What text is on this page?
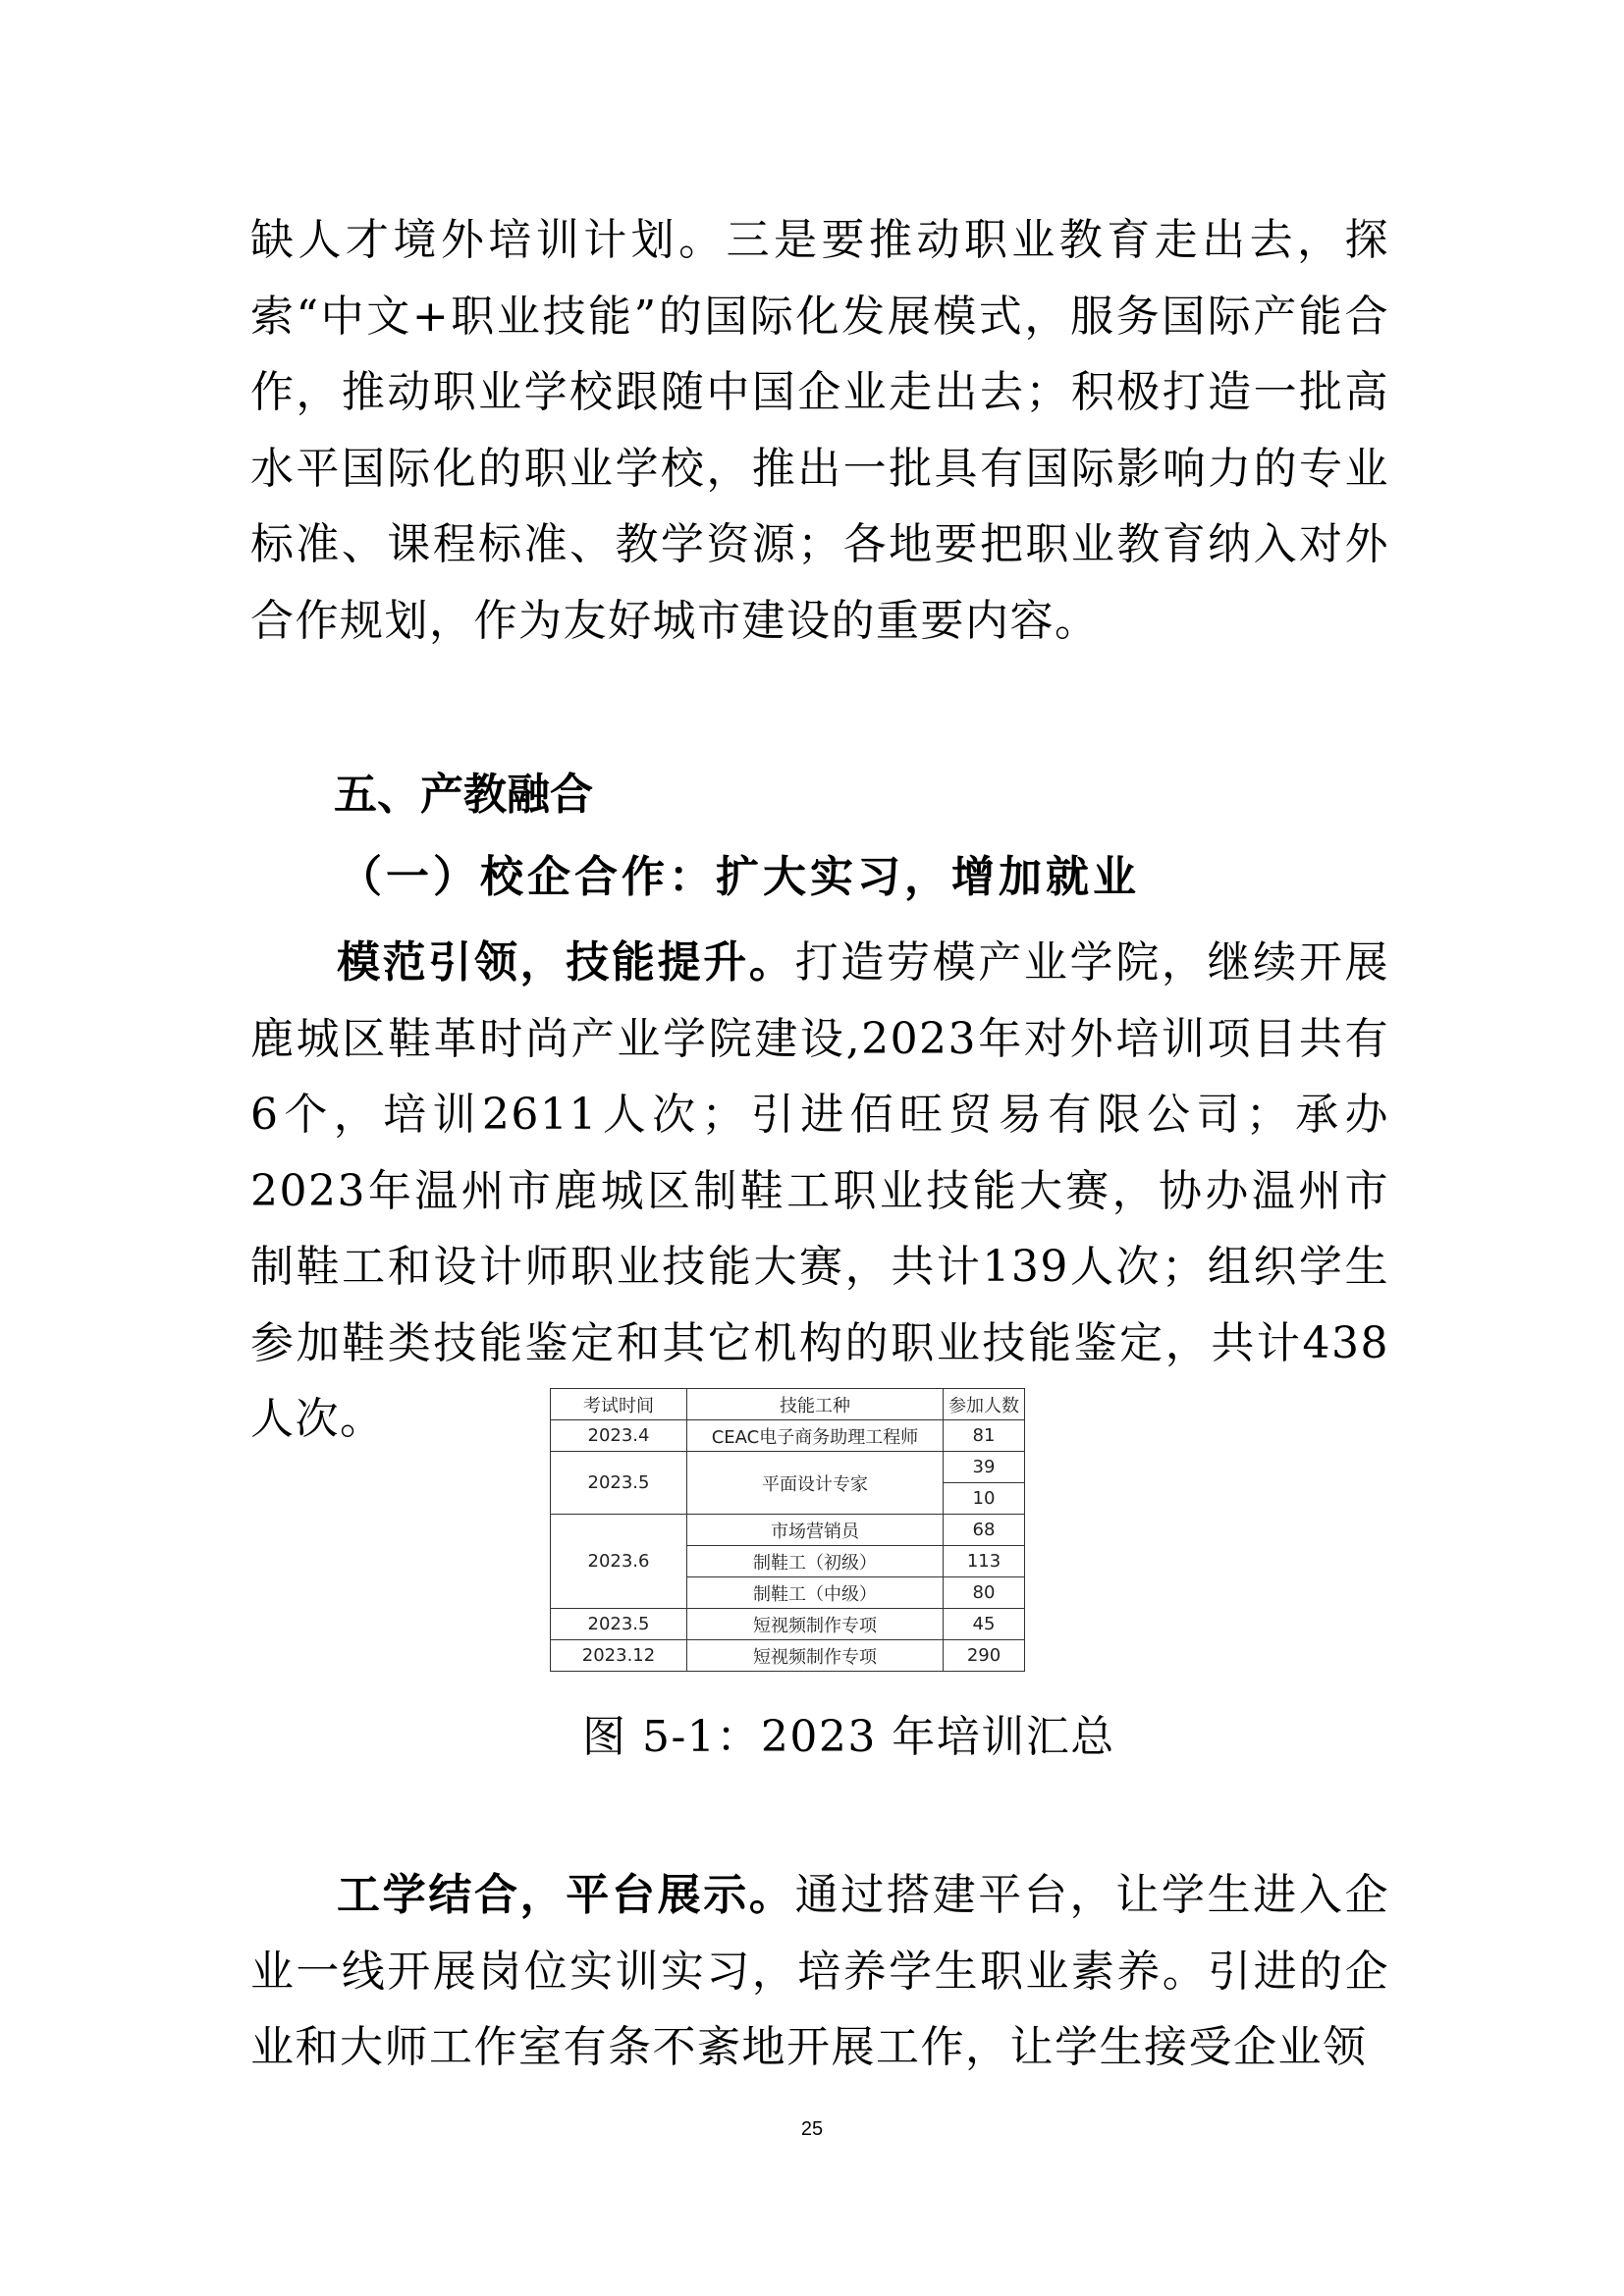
缺人才境外培训计划。三是要推动职业教育走出去，探索“中文+职业技能”的国际化发展模式，服务国际产能合作，推动职业学校跟随中国企业走出去；积极打造一批高水平国际化的职业学校，推出一批具有国际影响力的专业标准、课程标准、教学资源；各地要把职业教育纳入对外合作规划，作为友好城市建设的重要内容。

五、产教融合
（一）校企合作：扩大实习，增加就业

模范引领，技能提升。打造劳模产业学院，继续开展鹿城区鞋革时尚产业学院建设,2023年对外培训项目共有6个，培训2611人次；引进佰旺贸易有限公司；承办2023年温州市鹿城区制鞋工职业技能大赛，协办温州市制鞋工和设计师职业技能大赛，共计139人次；组织学生参加鞋类技能鉴定和其它机构的职业技能鉴定，共计438人次。	考试时间	技能工种	参加人数
2023.4	CEAC电子商务助理工程师	81
2023.5	平面设计专家	39
		10
2023.6	市场营销员	68
	制鞋工（初级）	113
	制鞋工（中级）	80
2023.5	短视频制作专项	45
2023.12	短视频制作专项	290

图 5-1：2023 年培训汇总

工学结合，平台展示。通过搭建平台，让学生进入企业一线开展岗位实训实习，培养学生职业素养。引进的企业和大师工作室有条不紊地开展工作，让学生接受企业领

25
